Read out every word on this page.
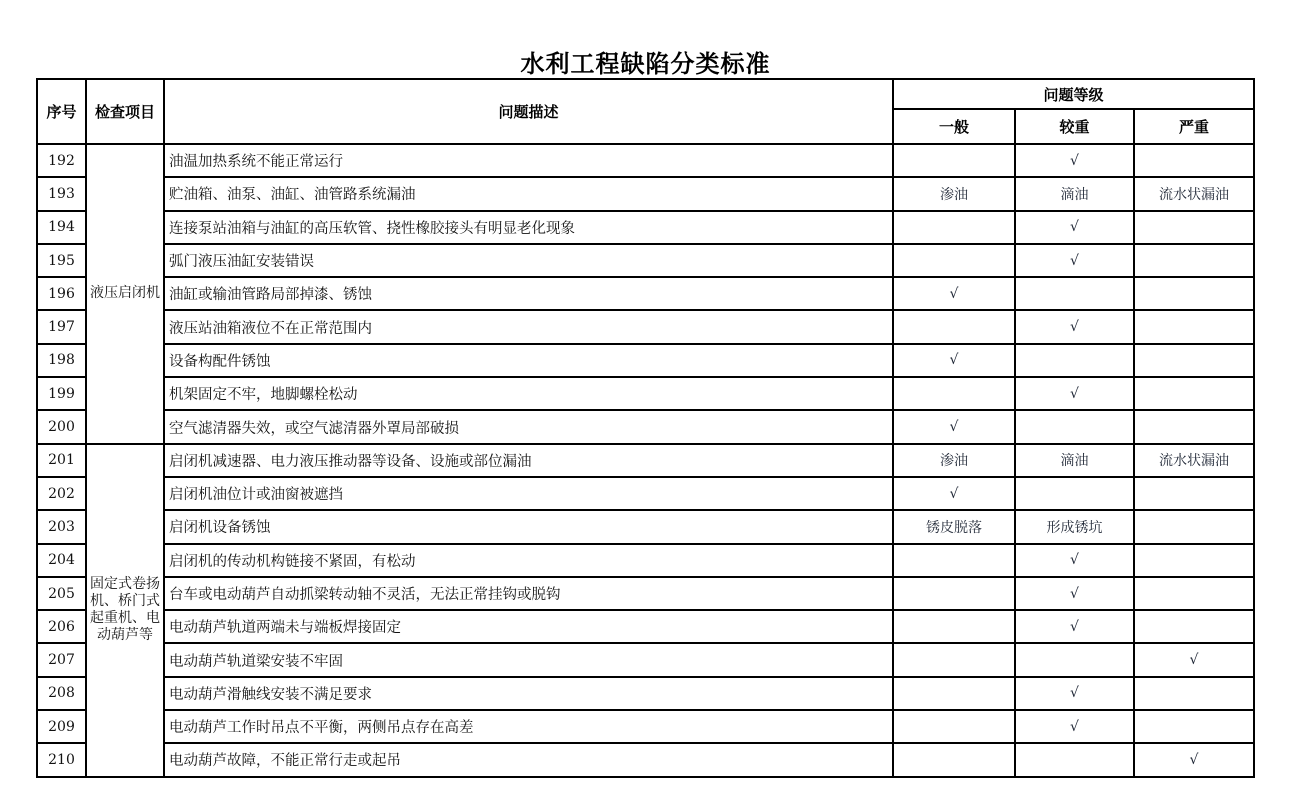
水利工程缺陷分类标准
序号	检查项目	问题描述	问题等级		
			一般	较重	严重
192	液压启闭机	油温加热系统不能正常运行		√	
193		贮油箱、油泵、油缸、油管路系统漏油	渗油	滴油	流水状漏油
194		连接泵站油箱与油缸的高压软管、挠性橡胶接头有明显老化现象		√	
195		弧门液压油缸安装错误		√	
196		油缸或输油管路局部掉漆、锈蚀	√		
197		液压站油箱液位不在正常范围内		√	
198		设备构配件锈蚀	√		
199		机架固定不牢，地脚螺栓松动		√	
200		空气滤清器失效，或空气滤清器外罩局部破损	√		
201	固定式卷扬机、桥门式起重机、电动葫芦等	启闭机减速器、电力液压推动器等设备、设施或部位漏油	渗油	滴油	流水状漏油
202		启闭机油位计或油窗被遮挡	√		
203		启闭机设备锈蚀	锈皮脱落	形成锈坑	
204		启闭机的传动机构链接不紧固，有松动		√	
205		台车或电动葫芦自动抓梁转动轴不灵活，无法正常挂钩或脱钩		√	
206		电动葫芦轨道两端未与端板焊接固定		√	
207		电动葫芦轨道梁安装不牢固			√
208		电动葫芦滑触线安装不满足要求		√	
209		电动葫芦工作时吊点不平衡，两侧吊点存在高差		√	
210		电动葫芦故障，不能正常行走或起吊			√
